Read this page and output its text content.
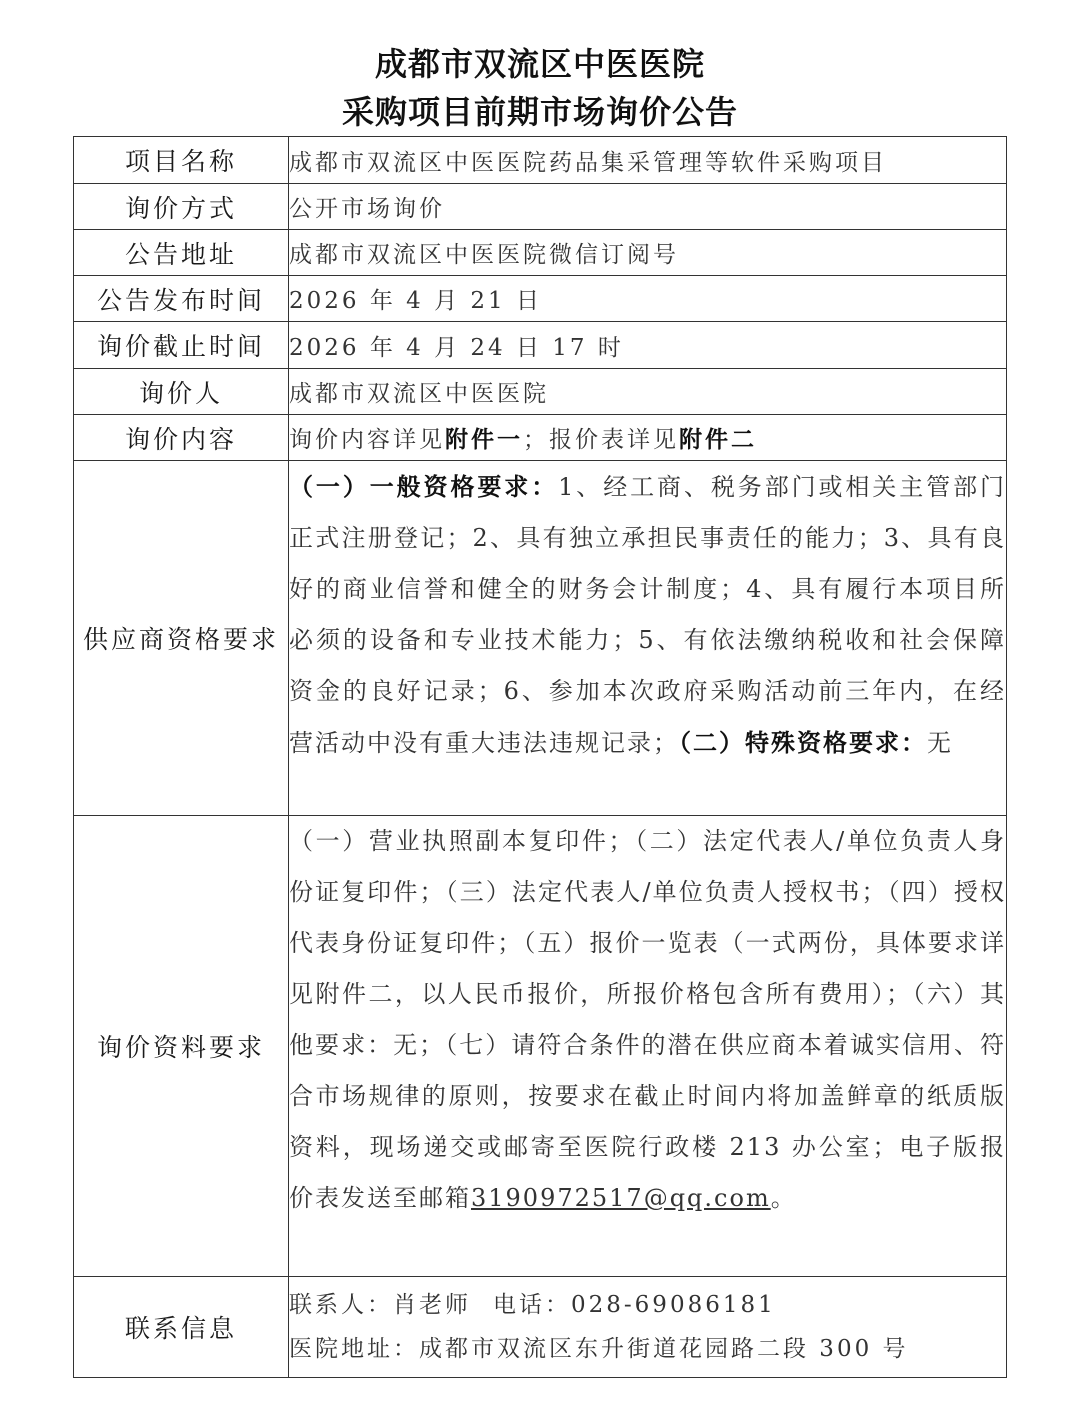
成都市双流区中医医院
采购项目前期市场询价公告
项目名称	成都市双流区中医医院药品集采管理等软件采购项目
询价方式	公开市场询价
公告地址	成都市双流区中医医院微信订阅号
公告发布时间	2026 年 4 月 21 日
询价截止时间	2026 年 4 月 24 日 17 时
询价人	成都市双流区中医医院
询价内容	询价内容详见附件一；报价表详见附件二
供应商资格要求	（一）一般资格要求：1、经工商、税务部门或相关主管部门正式注册登记；2、具有独立承担民事责任的能力；3、具有良好的商业信誉和健全的财务会计制度；4、具有履行本项目所必须的设备和专业技术能力；5、有依法缴纳税收和社会保障资金的良好记录；6、参加本次政府采购活动前三年内，在经营活动中没有重大违法违规记录；（二）特殊资格要求：无

询价资料要求	（一）营业执照副本复印件；（二）法定代表人/单位负责人身份证复印件；（三）法定代表人/单位负责人授权书；（四）授权代表身份证复印件；（五）报价一览表（一式两份，具体要求详见附件二，以人民币报价，所报价格包含所有费用）；（六）其他要求：无；（七）请符合条件的潜在供应商本着诚实信用、符合市场规律的原则，按要求在截止时间内将加盖鲜章的纸质版资料，现场递交或邮寄至医院行政楼 213 办公室；电子版报价表发送至邮箱3190972517@qq.com。

联系信息	联系人：肖老师 电话：028-69086181
医院地址：成都市双流区东升街道花园路二段 300 号
